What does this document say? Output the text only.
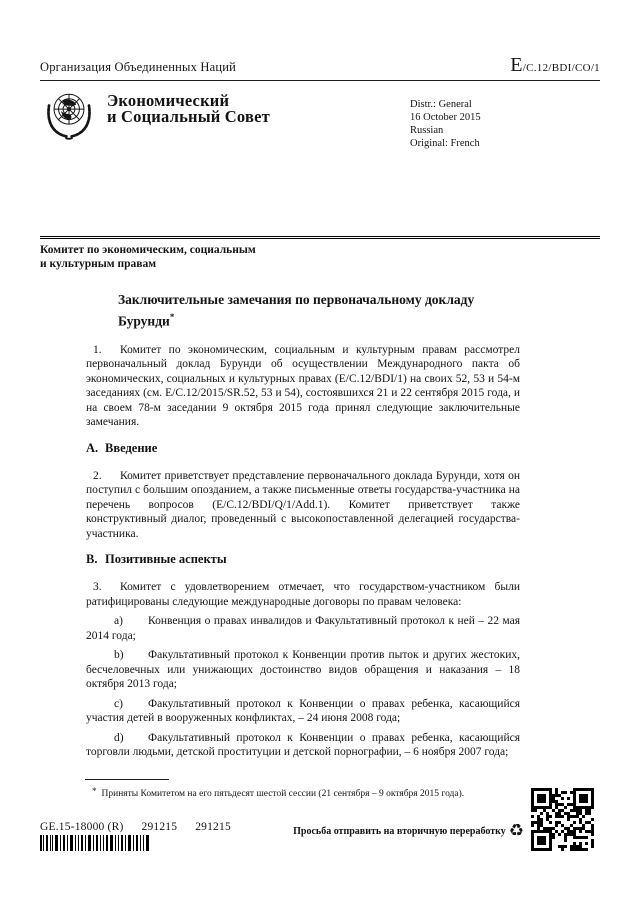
Организация Объединенных Наций	E/C.12/BDI/CO/1
Экономический
и Социальный Совет
Distr.: General
16 October 2015
Russian
Original: French
Комитет по экономическим, социальным
и культурным правам
Заключительные замечания по первоначальному докладу Бурунди*

1. Комитет по экономическим, социальным и культурным правам рассмотрел первоначальный доклад Бурунди об осуществлении Международного пакта об экономических, социальных и культурных правах (E/C.12/BDI/1) на своих 52, 53 и 54-м заседаниях (см. E/C.12/2015/SR.52, 53 и 54), состоявшихся 21 и 22 сентября 2015 года, и на своем 78-м заседании 9 октября 2015 года принял следующие заключительные замечания.

A. Введение

2. Комитет приветствует представление первоначального доклада Бурунди, хотя он поступил с большим опозданием, а также письменные ответы государства-участника на перечень вопросов (E/C.12/BDI/Q/1/Add.1). Комитет приветствует также конструктивный диалог, проведенный с высокопоставленной делегацией государства-участника.

B. Позитивные аспекты

3. Комитет с удовлетворением отмечает, что государством-участником были ратифицированы следующие международные договоры по правам человека:

a) Конвенция о правах инвалидов и Факультативный протокол к ней – 22 мая 2014 года;

b) Факультативный протокол к Конвенции против пыток и других жестоких, бесчеловечных или унижающих достоинство видов обращения и наказания – 18 октября 2013 года;

c) Факультативный протокол к Конвенции о правах ребенка, касающийся участия детей в вооруженных конфликтах, – 24 июня 2008 года;

d) Факультативный протокол к Конвенции о правах ребенка, касающийся торговли людьми, детской проституции и детской порнографии, – 6 ноября 2007 года;

* Приняты Комитетом на его пятьдесят шестой сессии (21 сентября – 9 октября 2015 года).
GE.15-18000 (R) 291215 291215	Просьба отправить на вторичную переработку ♻
